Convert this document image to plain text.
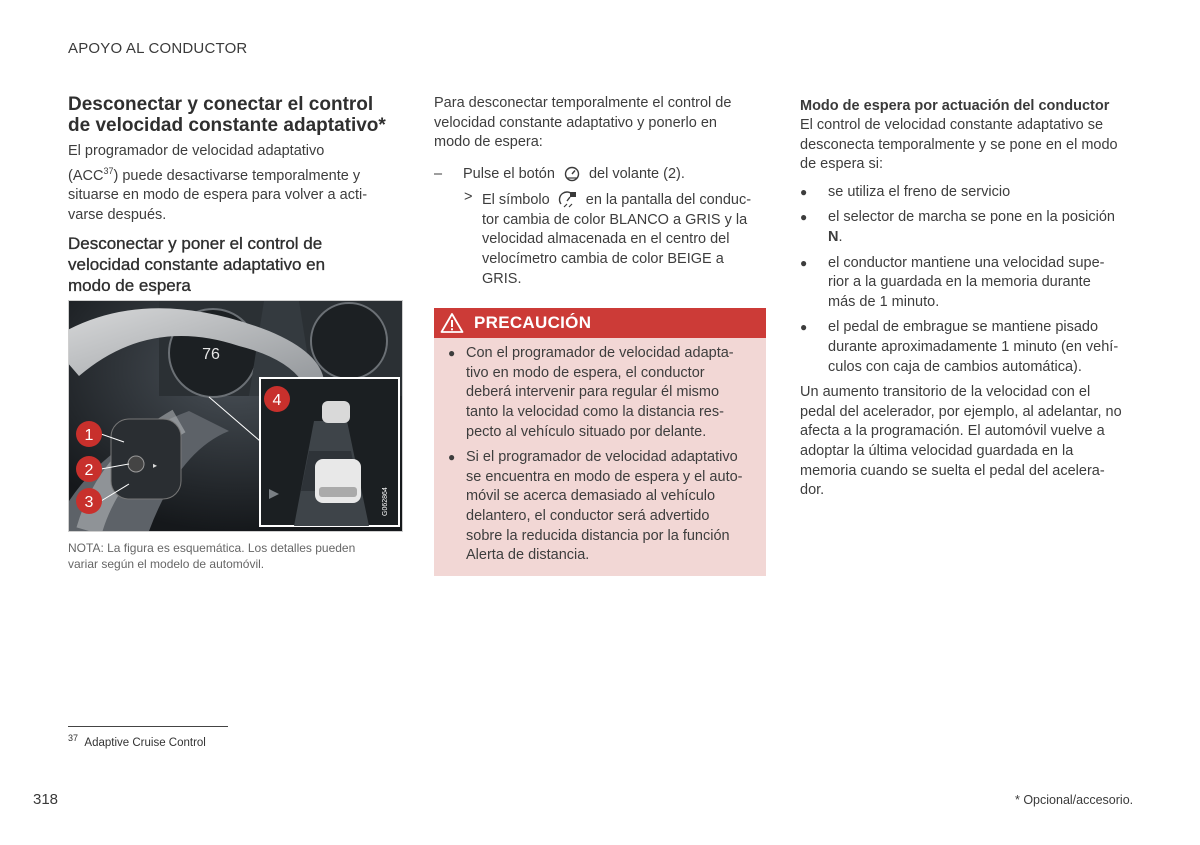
APOYO AL CONDUCTOR
Desconectar y conectar el control
de velocidad constante adaptativo*

El programador de velocidad adaptativo
(ACC$^{37}$) puede desactivarse temporalmente y
situarse en modo de espera para volver a acti-
varse después.

Desconectar y poner el control de
velocidad constante adaptativo en
modo de espera
76
▸
G062864
1
2
3
4
NOTA: La figura es esquemática. Los detalles pueden
variar según el modelo de automóvil.

Para desconectar temporalmente el control de
velocidad constante adaptativo y ponerlo en
modo de espera:

– Pulse el botón del volante (2).
> El símbolo en la pantalla del conduc-
tor cambia de color BLANCO a GRIS y la
velocidad almacenada en el centro del
velocímetro cambia de color BEIGE a
GRIS.
PRECAUCIÓN
● Con el programador de velocidad adapta-
tivo en modo de espera, el conductor
deberá intervenir para regular él mismo
tanto la velocidad como la distancia res-
pecto al vehículo situado por delante.
● Si el programador de velocidad adaptativo
se encuentra en modo de espera y el auto-
móvil se acerca demasiado al vehículo
delantero, el conductor será advertido
sobre la reducida distancia por la función
Alerta de distancia.
Modo de espera por actuación del conductor

El control de velocidad constante adaptativo se
desconecta temporalmente y se pone en el modo
de espera si:

● se utiliza el freno de servicio
● el selector de marcha se pone en la posición
N.
● el conductor mantiene una velocidad supe-
rior a la guardada en la memoria durante
más de 1 minuto.
● el pedal de embrague se mantiene pisado
durante aproximadamente 1 minuto (en vehí-
culos con caja de cambios automática).

Un aumento transitorio de la velocidad con el
pedal del acelerador, por ejemplo, al adelantar, no
afecta a la programación. El automóvil vuelve a
adoptar la última velocidad guardada en la
memoria cuando se suelta el pedal del acelera-
dor.

$^{37}$ Adaptive Cruise Control
318	* Opcional/accesorio.
